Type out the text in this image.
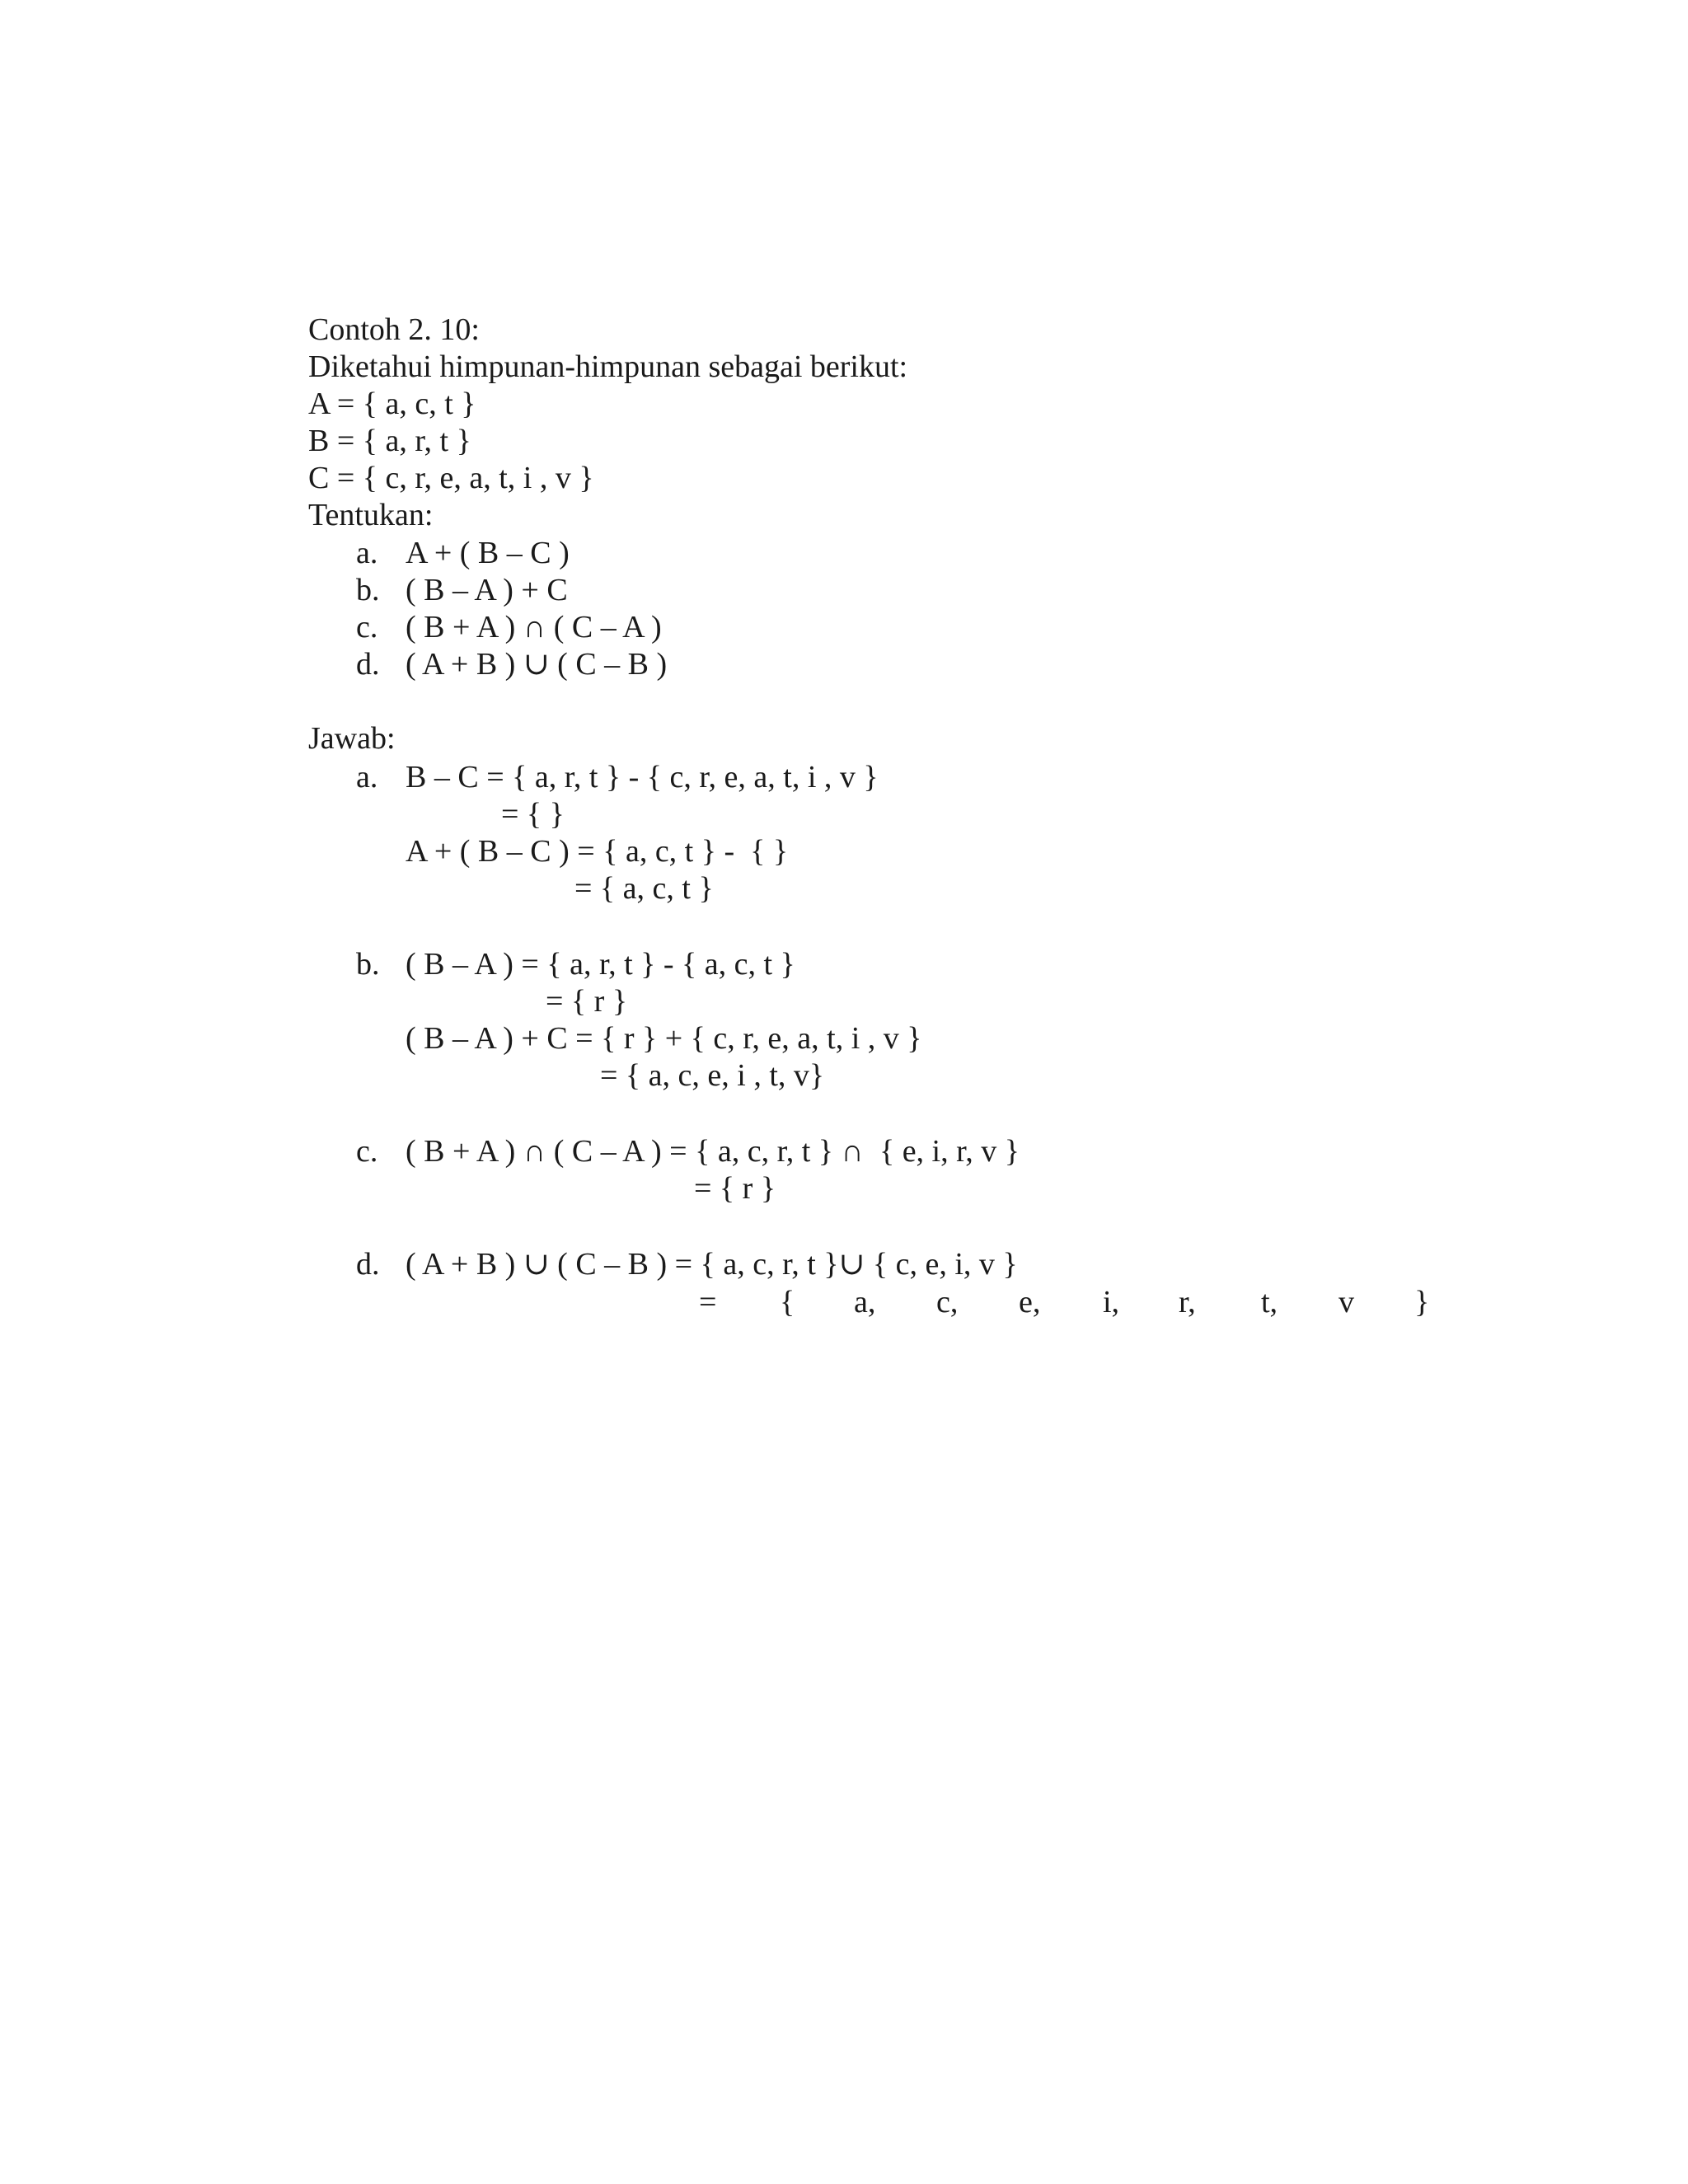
Contoh 2. 10:
Diketahui himpunan-himpunan sebagai berikut:
A = { a, c, t }
B = { a, r, t }
C = { c, r, e, a, t, i , v }
Tentukan:
a. A + ( B – C )
b. ( B – A ) + C
c. ( B + A ) ∩ ( C – A )
d. ( A + B ) ∪ ( C – B )
Jawab:
a. B – C = { a, r, t } - { c, r, e, a, t, i , v }
= { }
A + ( B – C ) = { a, c, t } -  { }
= { a, c, t }
b. ( B – A ) = { a, r, t } - { a, c, t }
= { r }
( B – A ) + C = { r } + { c, r, e, a, t, i , v }
= { a, c, e, i , t, v}
c. ( B + A ) ∩ ( C – A ) = { a, c, r, t } ∩  { e, i, r, v }
= { r }
d. ( A + B ) ∪ ( C – B ) = { a, c, r, t }∪ { c, e, i, v }
= { a, c, e, i, r, t, v }
